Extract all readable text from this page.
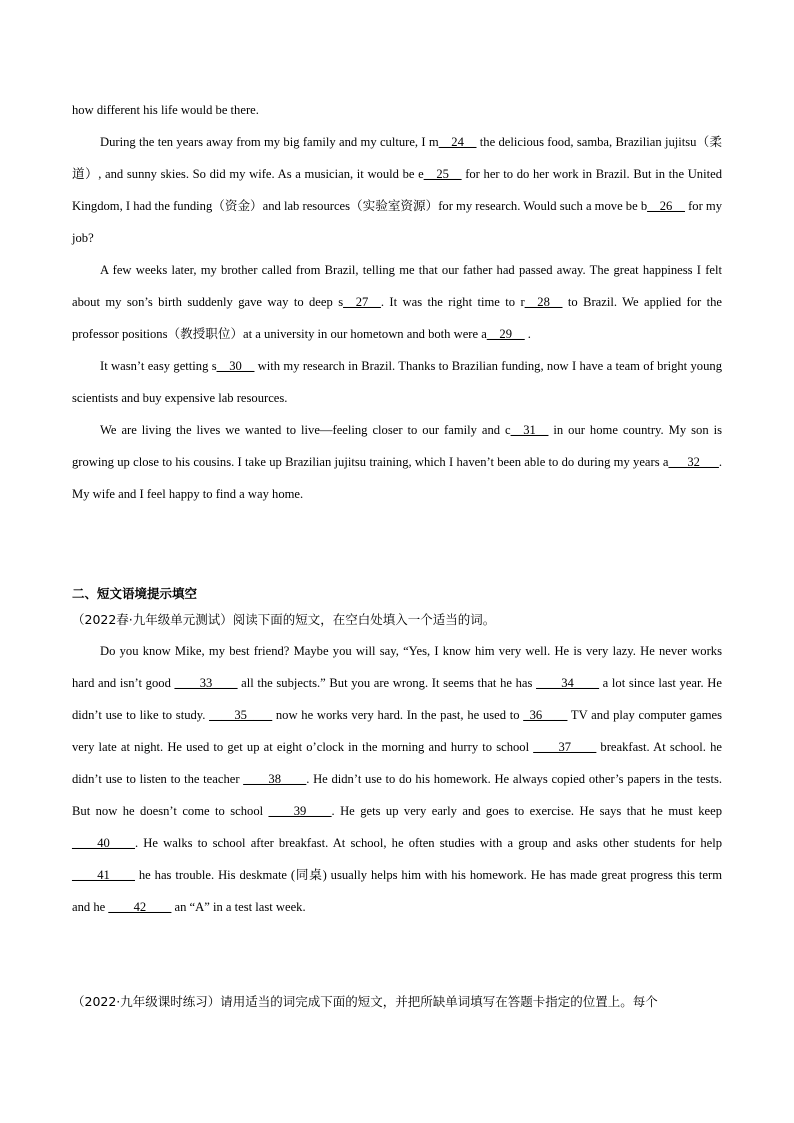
how different his life would be there.

During the ten years away from my big family and my culture, I m__24__ the delicious food, samba, Brazilian jujitsu（柔道）, and sunny skies. So did my wife. As a musician, it would be e__25__ for her to do her work in Brazil. But in the United Kingdom, I had the funding（资金）and lab resources（实验室资源）for my research. Would such a move be b__26__ for my job?

A few weeks later, my brother called from Brazil, telling me that our father had passed away. The great happiness I felt about my son’s birth suddenly gave way to deep s__27__. It was the right time to r__28__ to Brazil. We applied for the professor positions（教授职位）at a university in our hometown and both were a__29__ .

It wasn’t easy getting s__30__ with my research in Brazil. Thanks to Brazilian funding, now I have a team of bright young scientists and buy expensive lab resources.

We are living the lives we wanted to live—feeling closer to our family and c__31__ in our home country. My son is growing up close to his cousins. I take up Brazilian jujitsu training, which I haven’t been able to do during my years a___32___. My wife and I feel happy to find a way home.

二、短文语境提示填空
（2022春·九年级单元测试）阅读下面的短文，在空白处填入一个适当的词。

Do you know Mike, my best friend? Maybe you will say, “Yes, I know him very well. He is very lazy. He never works hard and isn’t good ____33____ all the subjects.” But you are wrong. It seems that he has ____34____ a lot since last year. He didn’t use to like to study. ____35____ now he works very hard. In the past, he used to _36____ TV and play computer games very late at night. He used to get up at eight o’clock in the morning and hurry to school ____37____ breakfast. At school. he didn’t use to listen to the teacher ____38____. He didn’t use to do his homework. He always copied other’s papers in the tests. But now he doesn’t come to school ____39____. He gets up very early and goes to exercise. He says that he must keep ____40____. He walks to school after breakfast. At school, he often studies with a group and asks other students for help ____41____ he has trouble. His deskmate (同桌) usually helps him with his homework. He has made great progress this term and he ____42____ an “A” in a test last week.

（2022·九年级课时练习）请用适当的词完成下面的短文，并把所缺单词填写在答题卡指定的位置上。每个
